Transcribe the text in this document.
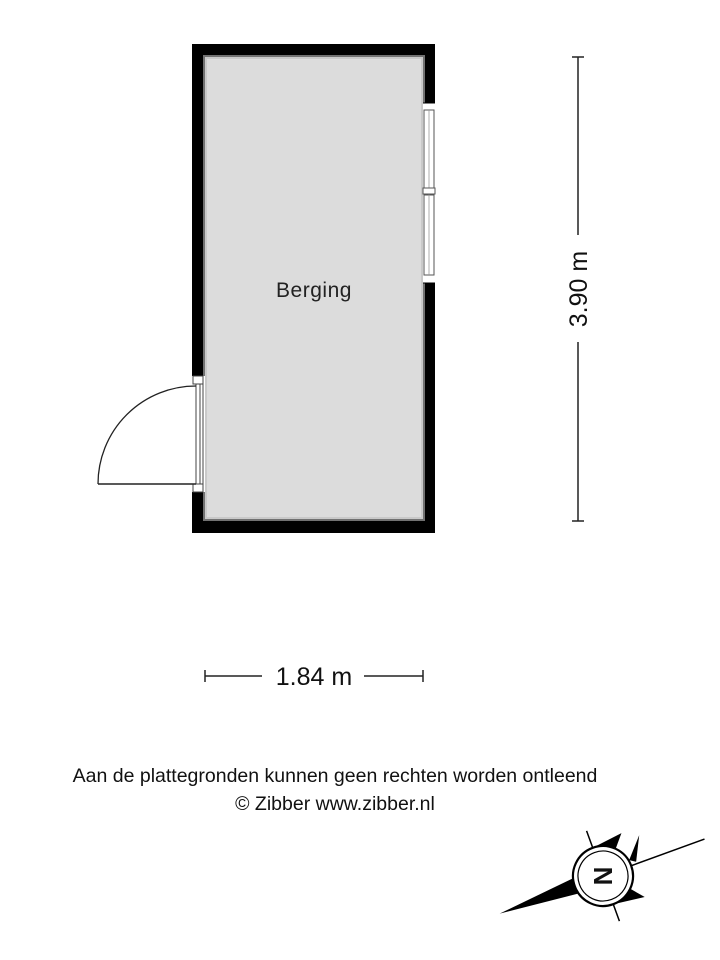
Berging	3.90 m
1.84 m
N
Aan de plattegronden kunnen geen rechten worden ontleend
© Zibber www.zibber.nl
